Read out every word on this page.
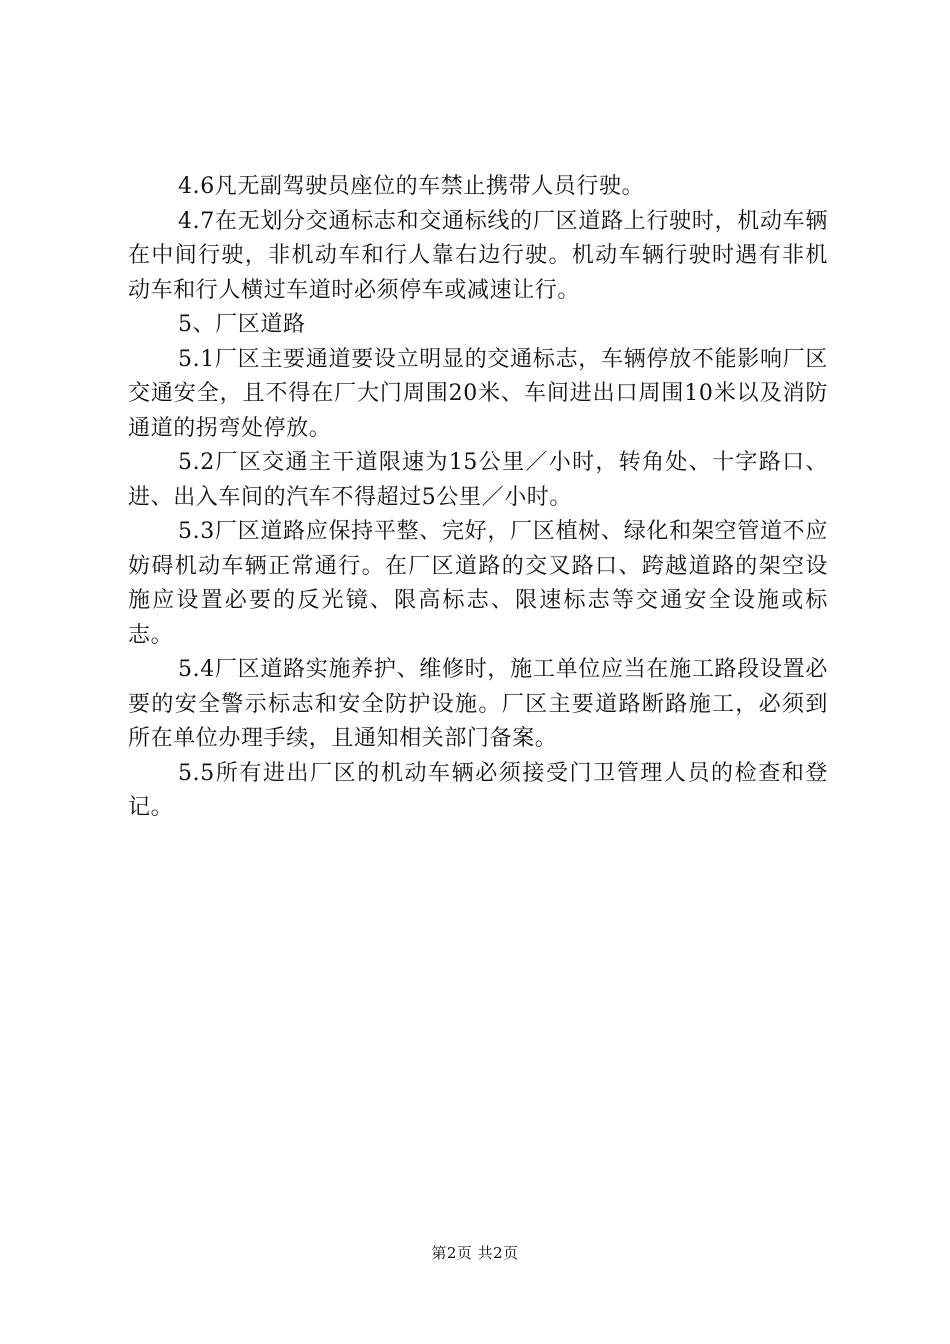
4.6凡无副驾驶员座位的车禁止携带人员行驶。

4.7在无划分交通标志和交通标线的厂区道路上行驶时，机动车辆在中间行驶，非机动车和行人靠右边行驶。机动车辆行驶时遇有非机动车和行人横过车道时必须停车或减速让行。

5、厂区道路

5.1厂区主要通道要设立明显的交通标志，车辆停放不能影响厂区交通安全，且不得在厂大门周围20米、车间进出口周围10米以及消防通道的拐弯处停放。

5.2厂区交通主干道限速为15公里／小时，转角处、十字路口、进、出入车间的汽车不得超过5公里／小时。

5.3厂区道路应保持平整、完好，厂区植树、绿化和架空管道不应妨碍机动车辆正常通行。在厂区道路的交叉路口、跨越道路的架空设施应设置必要的反光镜、限高标志、限速标志等交通安全设施或标志。

5.4厂区道路实施养护、维修时，施工单位应当在施工路段设置必要的安全警示标志和安全防护设施。厂区主要道路断路施工，必须到所在单位办理手续，且通知相关部门备案。

5.5所有进出厂区的机动车辆必须接受门卫管理人员的检查和登记。

第2页 共2页
